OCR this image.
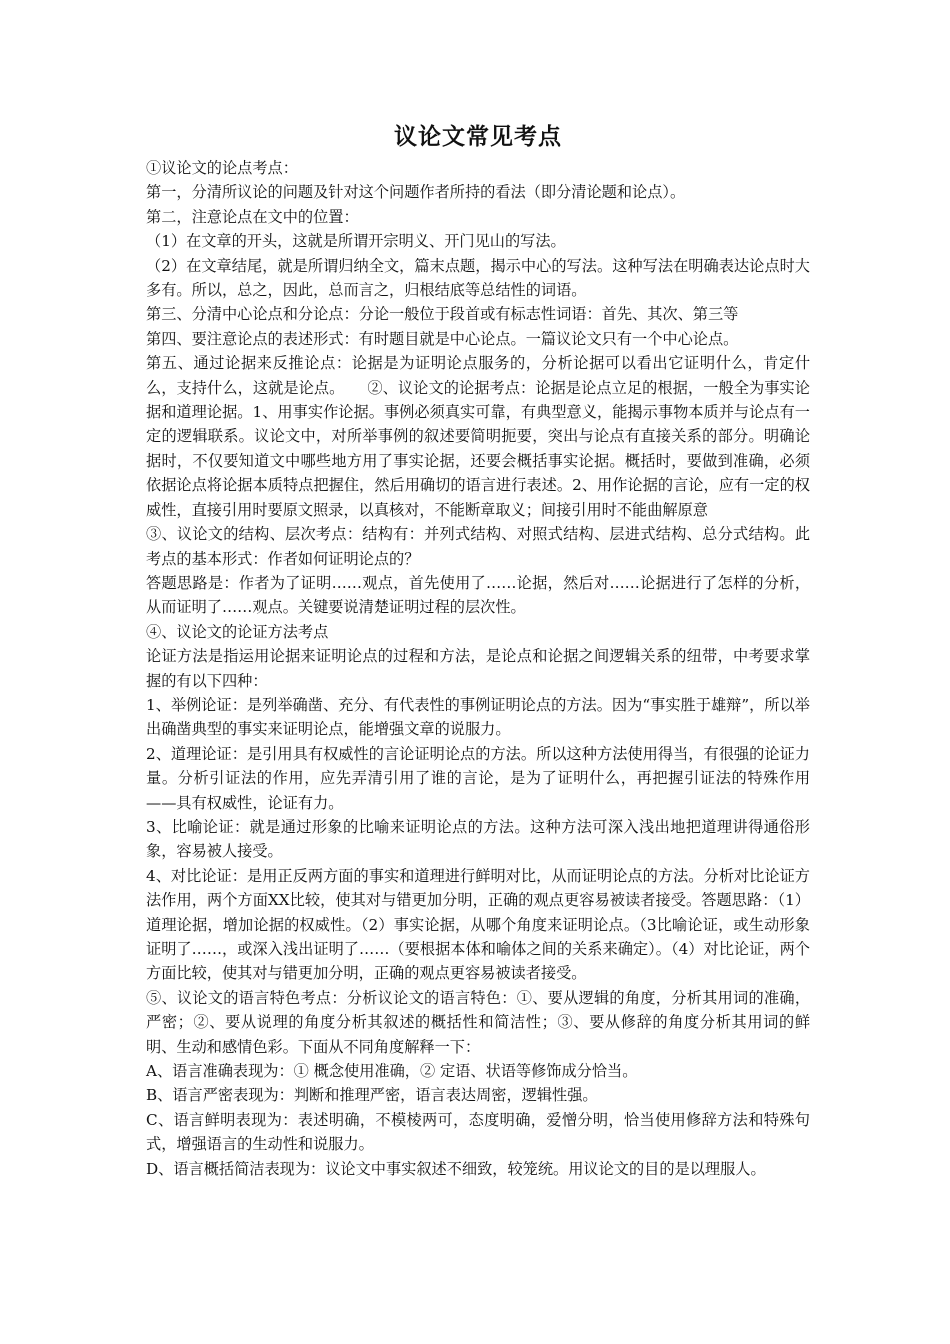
议论文常见考点

①议论文的论点考点：

第一，分清所议论的问题及针对这个问题作者所持的看法（即分清论题和论点）。

第二，注意论点在文中的位置：

（1）在文章的开头，这就是所谓开宗明义、开门见山的写法。

（2）在文章结尾，就是所谓归纳全文，篇末点题，揭示中心的写法。这种写法在明确表达论点时大多有。所以，总之，因此，总而言之，归根结底等总结性的词语。

第三、分清中心论点和分论点：分论一般位于段首或有标志性词语：首先、其次、第三等

第四、要注意论点的表述形式：有时题目就是中心论点。一篇议论文只有一个中心论点。

第五、通过论据来反推论点：论据是为证明论点服务的，分析论据可以看出它证明什么，肯定什么，支持什么，这就是论点。　　②、议论文的论据考点：论据是论点立足的根据，一般全为事实论据和道理论据。1、用事实作论据。事例必须真实可靠，有典型意义，能揭示事物本质并与论点有一定的逻辑联系。议论文中，对所举事例的叙述要简明扼要，突出与论点有直接关系的部分。明确论据时，不仅要知道文中哪些地方用了事实论据，还要会概括事实论据。概括时，要做到准确，必须依据论点将论据本质特点把握住，然后用确切的语言进行表述。2、用作论据的言论，应有一定的权威性，直接引用时要原文照录，以真核对，不能断章取义；间接引用时不能曲解原意

③、议论文的结构、层次考点：结构有：并列式结构、对照式结构、层进式结构、总分式结构。此考点的基本形式：作者如何证明论点的？

答题思路是：作者为了证明……观点，首先使用了……论据，然后对……论据进行了怎样的分析，从而证明了……观点。关键要说清楚证明过程的层次性。

④、议论文的论证方法考点

论证方法是指运用论据来证明论点的过程和方法，是论点和论据之间逻辑关系的纽带，中考要求掌握的有以下四种：

1、举例论证：是列举确凿、充分、有代表性的事例证明论点的方法。因为“事实胜于雄辩”，所以举出确凿典型的事实来证明论点，能增强文章的说服力。

2、道理论证：是引用具有权威性的言论证明论点的方法。所以这种方法使用得当，有很强的论证力量。分析引证法的作用，应先弄清引用了谁的言论，是为了证明什么，再把握引证法的特殊作用——具有权威性，论证有力。

3、比喻论证：就是通过形象的比喻来证明论点的方法。这种方法可深入浅出地把道理讲得通俗形象，容易被人接受。

4、对比论证：是用正反两方面的事实和道理进行鲜明对比，从而证明论点的方法。分析对比论证方法作用，两个方面XX比较，使其对与错更加分明，正确的观点更容易被读者接受。答题思路：（1）道理论据，增加论据的权威性。（2）事实论据，从哪个角度来证明论点。（3比喻论证，或生动形象证明了……，或深入浅出证明了……（要根据本体和喻体之间的关系来确定）。（4）对比论证，两个方面比较，使其对与错更加分明，正确的观点更容易被读者接受。

⑤、议论文的语言特色考点：分析议论文的语言特色：①、要从逻辑的角度，分析其用词的准确，严密；②、要从说理的角度分析其叙述的概括性和简洁性；③、要从修辞的角度分析其用词的鲜明、生动和感情色彩。下面从不同角度解释一下：

A、语言准确表现为：① 概念使用准确，② 定语、状语等修饰成分恰当。

B、语言严密表现为：判断和推理严密，语言表达周密，逻辑性强。

C、语言鲜明表现为：表述明确，不模棱两可，态度明确，爱憎分明，恰当使用修辞方法和特殊句式，增强语言的生动性和说服力。

D、语言概括简洁表现为：议论文中事实叙述不细致，较笼统。用议论文的目的是以理服人。
